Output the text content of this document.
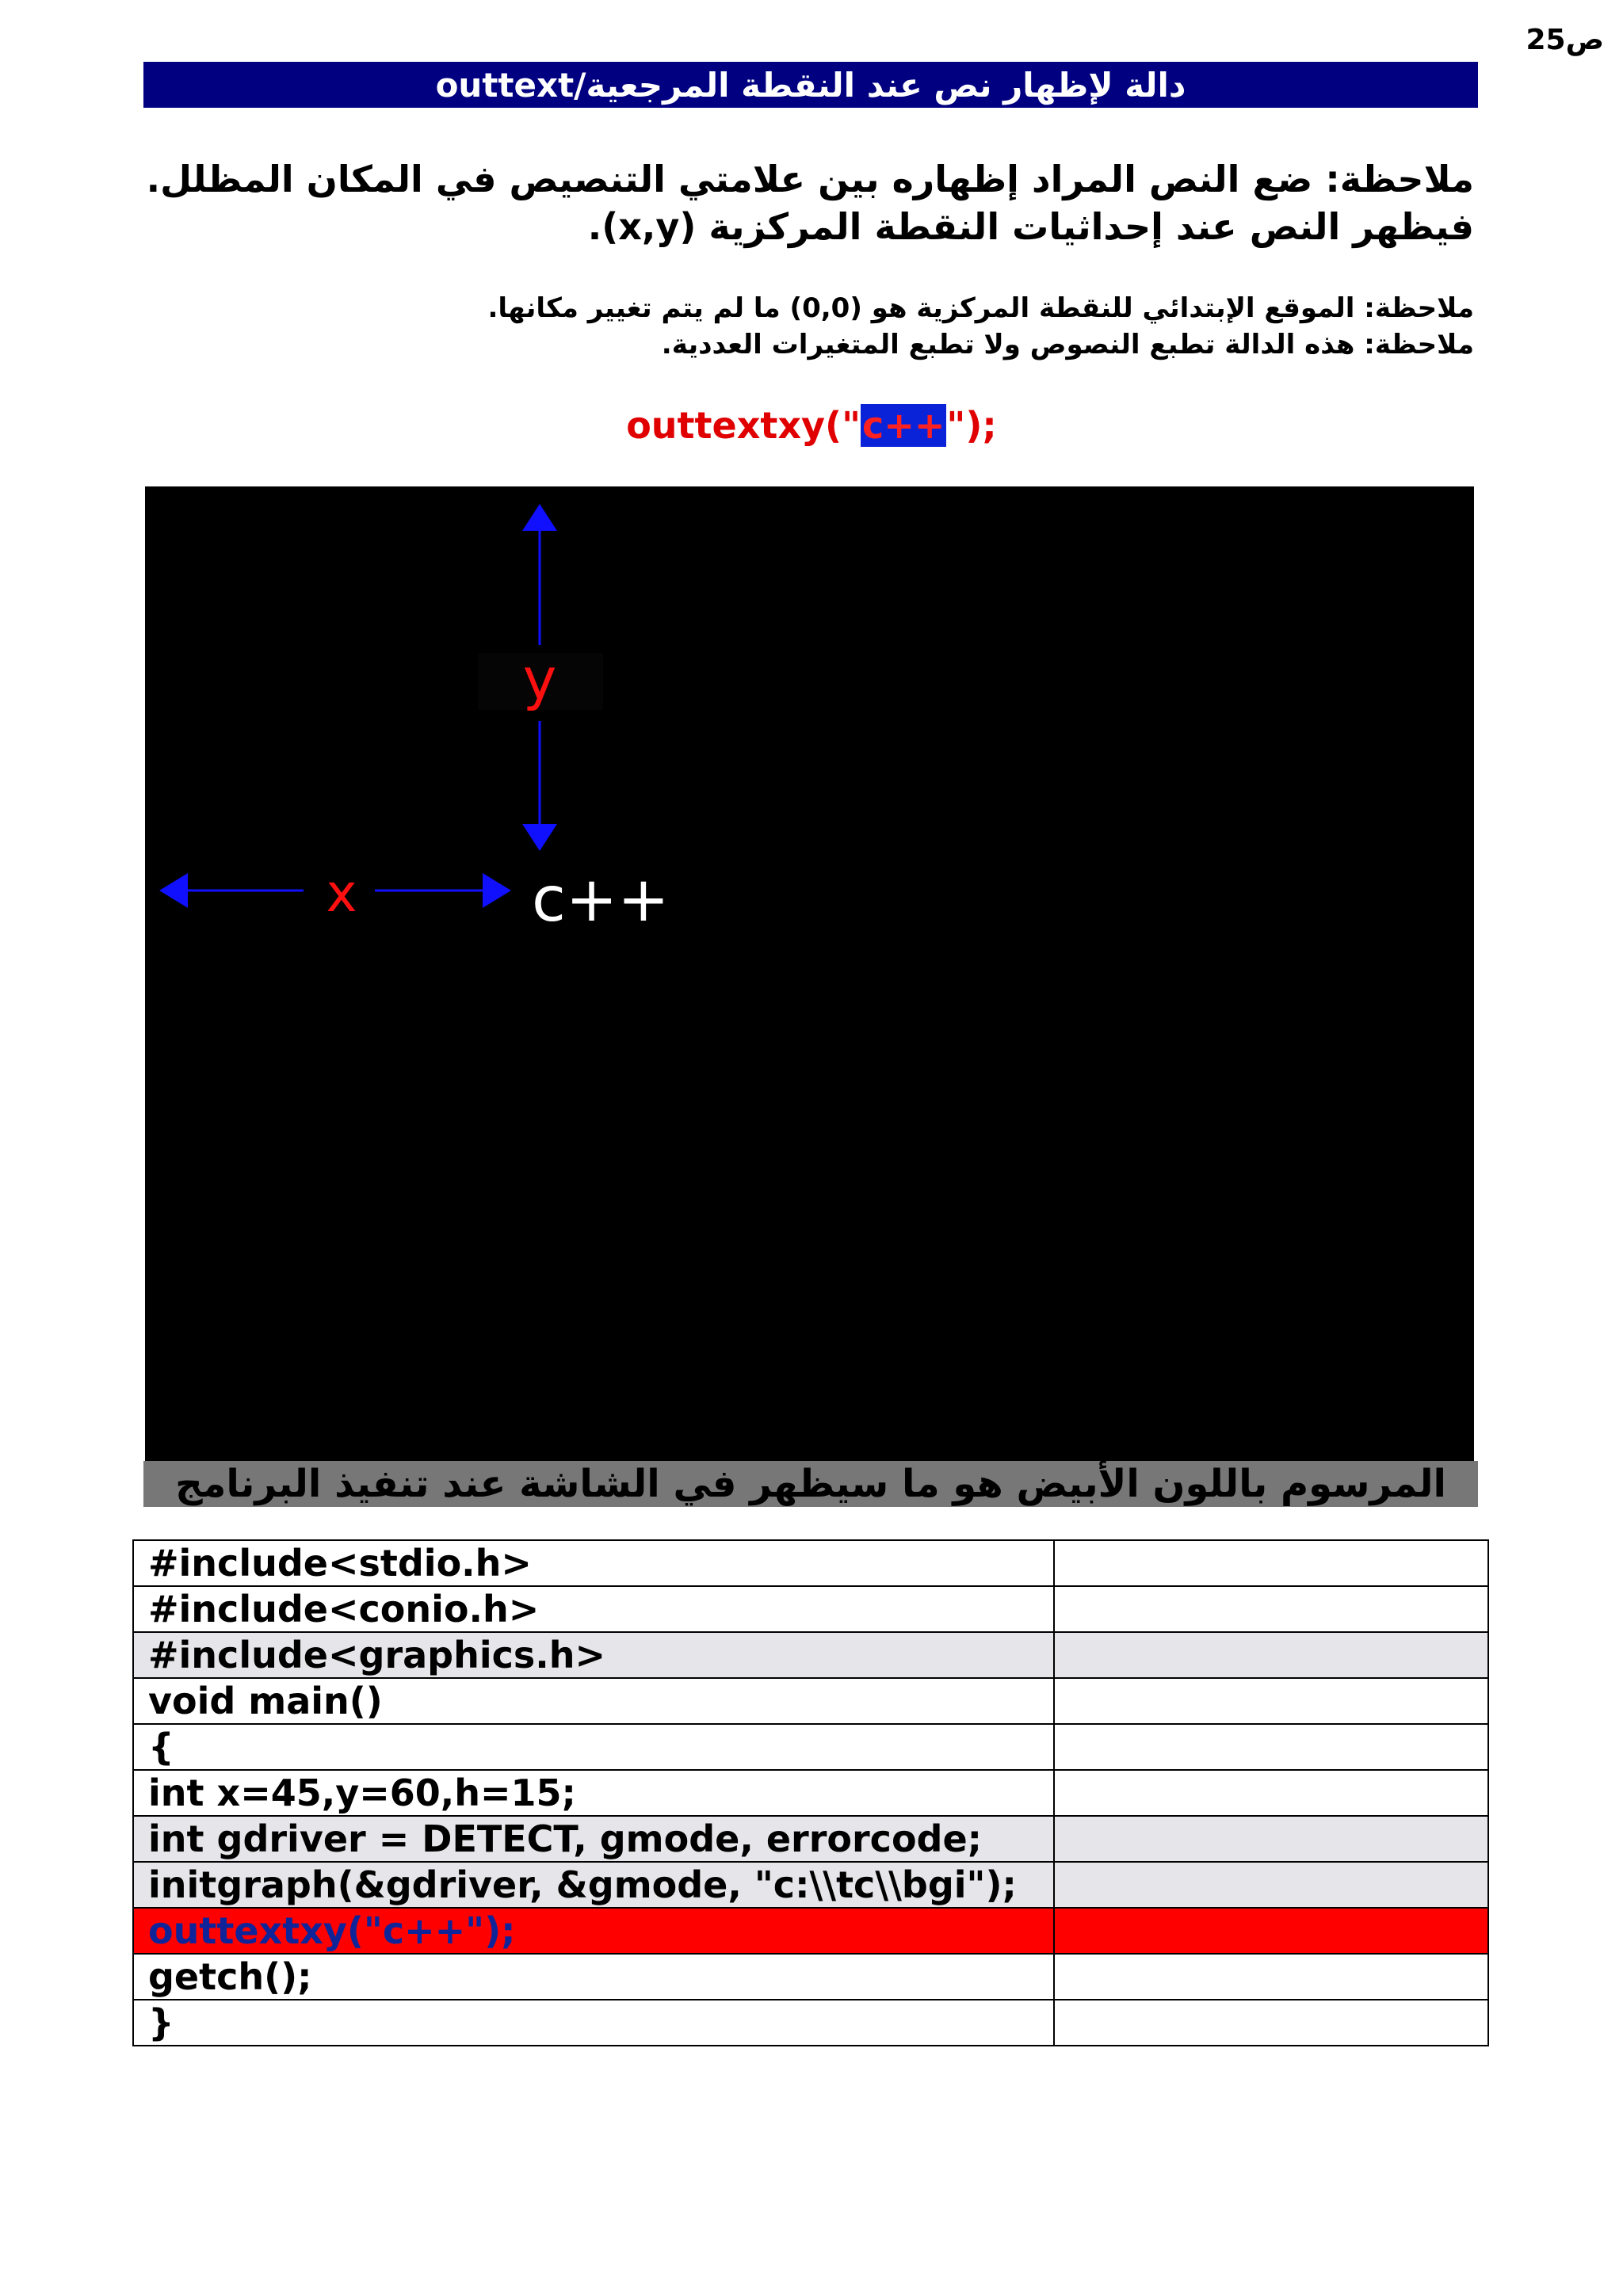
ص25
دالة لإظهار نص عند النقطة المرجعية/outtext
ملاحظة: ضع النص المراد إظهاره بين علامتي التنصيص في المكان المظلل.
فيظهر النص عند إحداثيات النقطة المركزية (x,y).
ملاحظة: الموقع الإبتدائي للنقطة المركزية هو (0,0) ما لم يتم تغيير مكانها.
ملاحظة: هذه الدالة تطبع النصوص ولا تطبع المتغيرات العددية.
outtextxy("c++");
y
x	c++
المرسوم باللون الأبيض هو ما سيظهر في الشاشة عند تنفيذ البرنامج
#include<stdio.h>	
#include<conio.h>	
#include<graphics.h>	
void main()	
{	
int x=45,y=60,h=15;	
int gdriver = DETECT, gmode, errorcode;	
initgraph(&gdriver, &gmode, "c:\\tc\\bgi");	
outtextxy("c++");	
getch();	
}	
